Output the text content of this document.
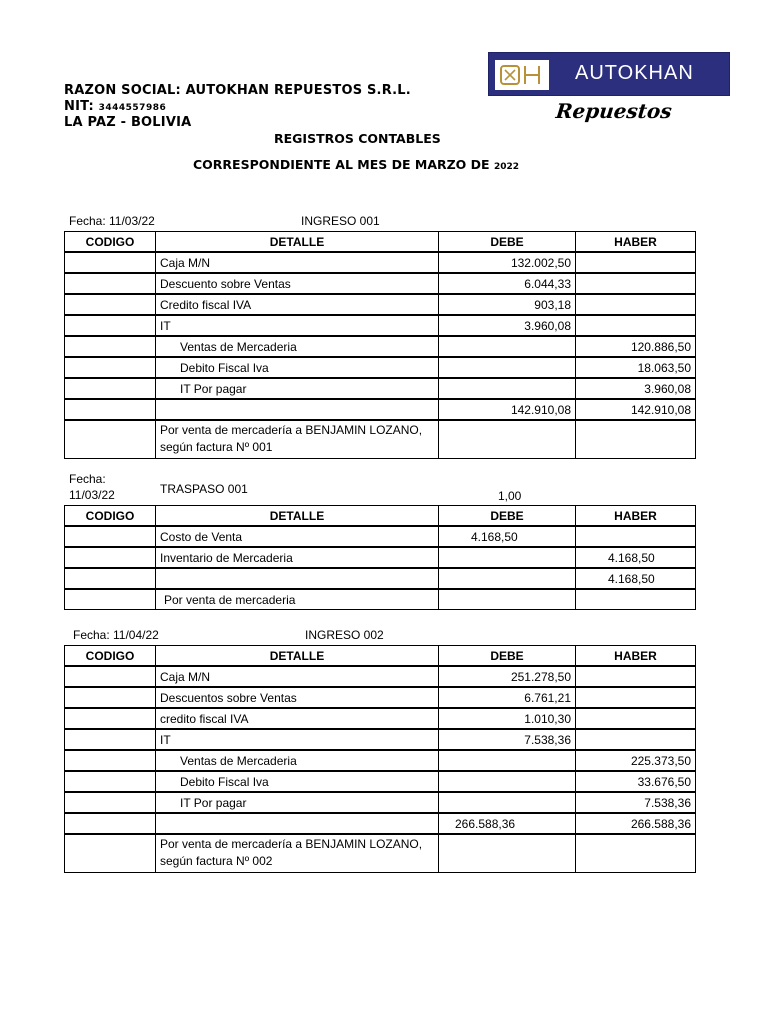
RAZON SOCIAL: AUTOKHAN REPUESTOS S.R.L.
NIT: 3444557986
LA PAZ - BOLIVIA
AUTOKHAN
Repuestos
REGISTROS CONTABLES
CORRESPONDIENTE AL MES DE MARZO DE 2022
Fecha: 11/03/22	INGRESO 001
CODIGO	DETALLE	DEBE	HABER
	Caja M/N	132.002,50	
	Descuento sobre Ventas	6.044,33	
	Credito fiscal IVA	903,18	
	IT	3.960,08	
	Ventas de Mercaderia		120.886,50
	Debito Fiscal Iva		18.063,50
	IT Por pagar		3.960,08
		142.910,08	142.910,08
	Por venta de mercadería a BENJAMIN LOZANO, según factura Nº 001		
Fecha:
11/03/22	TRASPASO 001	1,00
CODIGO	DETALLE	DEBE	HABER
	Costo de Venta	4.168,50	
	Inventario de Mercaderia		4.168,50
			4.168,50
	Por venta de mercaderia		
Fecha: 11/04/22	INGRESO 002
CODIGO	DETALLE	DEBE	HABER
	Caja M/N	251.278,50	
	Descuentos sobre Ventas	6.761,21	
	credito fiscal IVA	1.010,30	
	IT	7.538,36	
	Ventas de Mercaderia		225.373,50
	Debito Fiscal Iva		33.676,50
	IT Por pagar		7.538,36
		266.588,36	266.588,36
	Por venta de mercadería a BENJAMIN LOZANO, según factura Nº 002		
